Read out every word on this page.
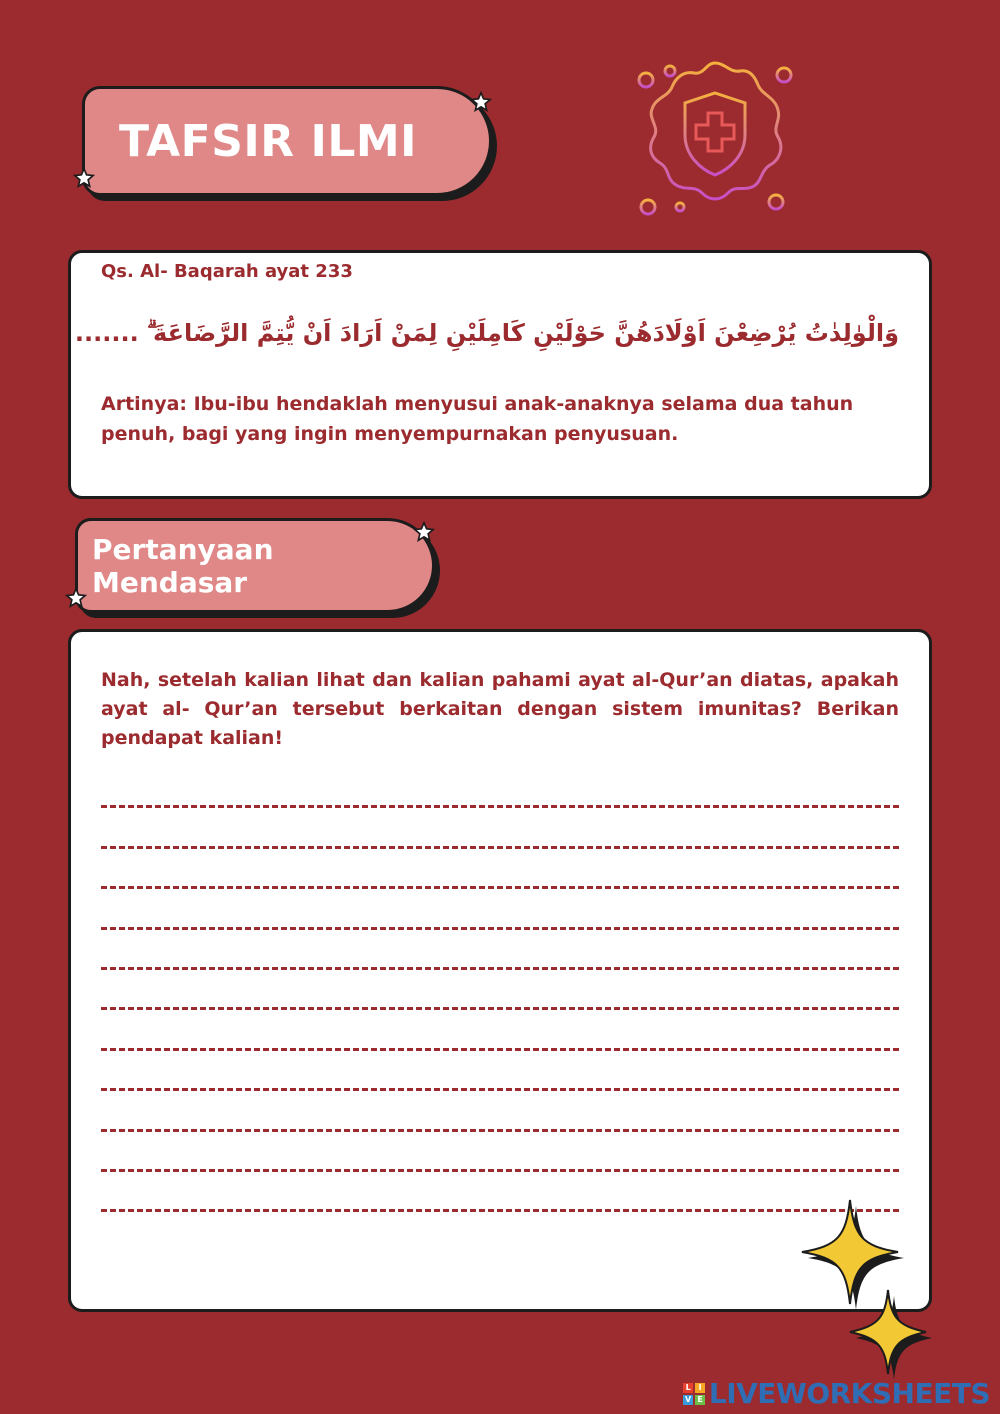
TAFSIR ILMI
Qs. Al- Baqarah ayat 233
وَالْوٰلِدٰتُ يُرْضِعْنَ اَوْلَادَهُنَّ حَوْلَيْنِ كَامِلَيْنِ لِمَنْ اَرَادَ اَنْ يُّتِمَّ الرَّضَاعَةَ ۗ .......
Artinya: Ibu-ibu hendaklah menyusui anak-anaknya selama dua tahun penuh, bagi yang ingin menyempurnakan penyusuan.
Pertanyaan Mendasar
Nah, setelah kalian lihat dan kalian pahami ayat al-Qur’an diatas, apakah ayat al- Qur’an tersebut berkaitan dengan sistem imunitas? Berikan pendapat kalian!
L	I
V E LIVEWORKSHEETS
